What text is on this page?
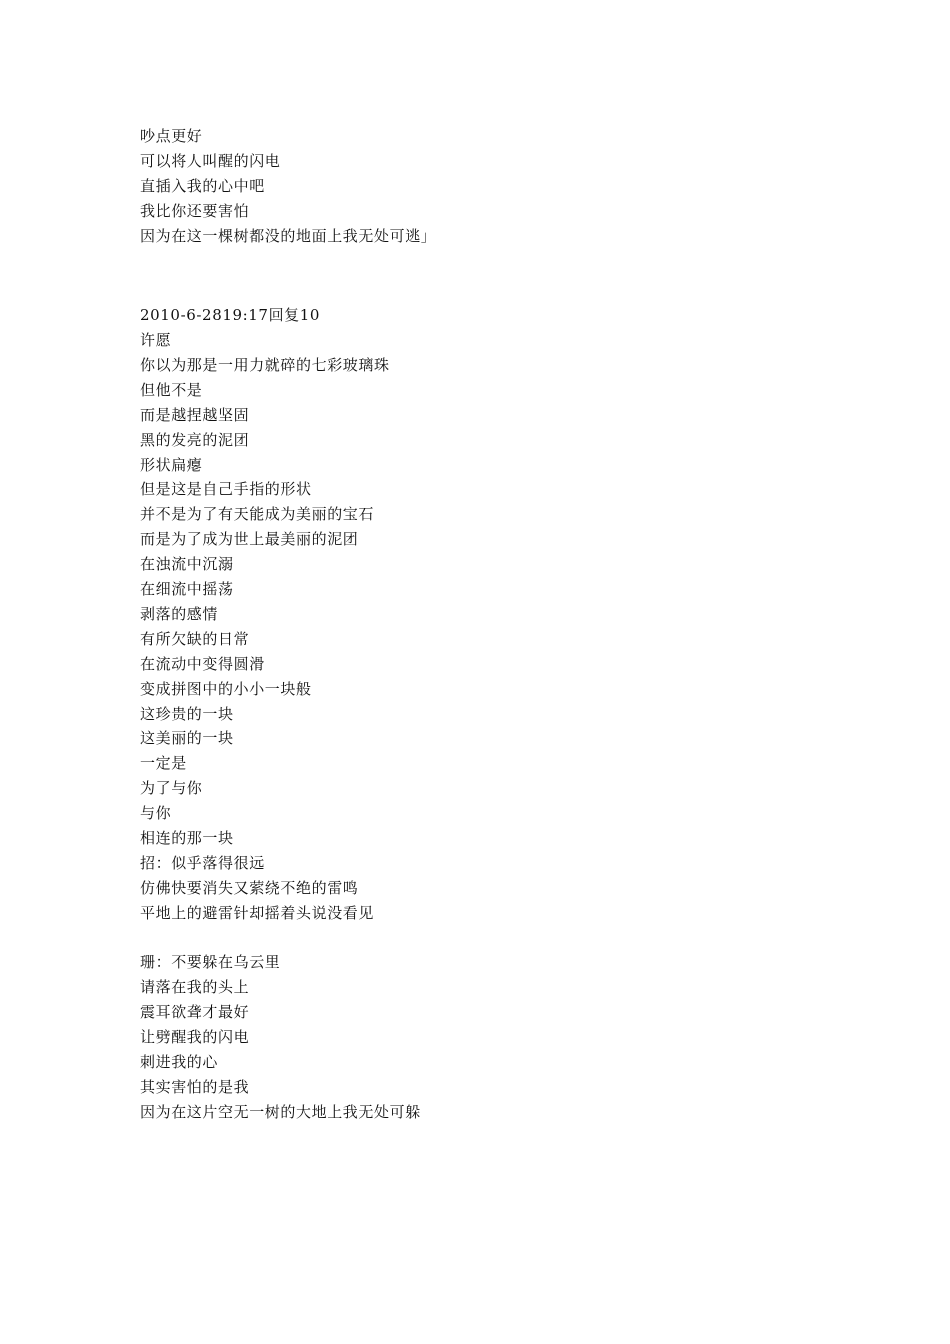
吵点更好
可以将人叫醒的闪电
直插入我的心中吧
我比你还要害怕
因为在这一棵树都没的地面上我无处可逃」
2010-6-2819:17回复10
许愿
你以为那是一用力就碎的七彩玻璃珠
但他不是
而是越捏越坚固
黑的发亮的泥团
形状扁瘪
但是这是自己手指的形状
并不是为了有天能成为美丽的宝石
而是为了成为世上最美丽的泥团
在浊流中沉溺
在细流中摇荡
剥落的感情
有所欠缺的日常
在流动中变得圆滑
变成拼图中的小小一块般
这珍贵的一块
这美丽的一块
一定是
为了与你
与你
相连的那一块
招：似乎落得很远
仿佛快要消失又萦绕不绝的雷鸣
平地上的避雷针却摇着头说没看见
珊：不要躲在乌云里
请落在我的头上
震耳欲聋才最好
让劈醒我的闪电
刺进我的心
其实害怕的是我
因为在这片空无一树的大地上我无处可躲
